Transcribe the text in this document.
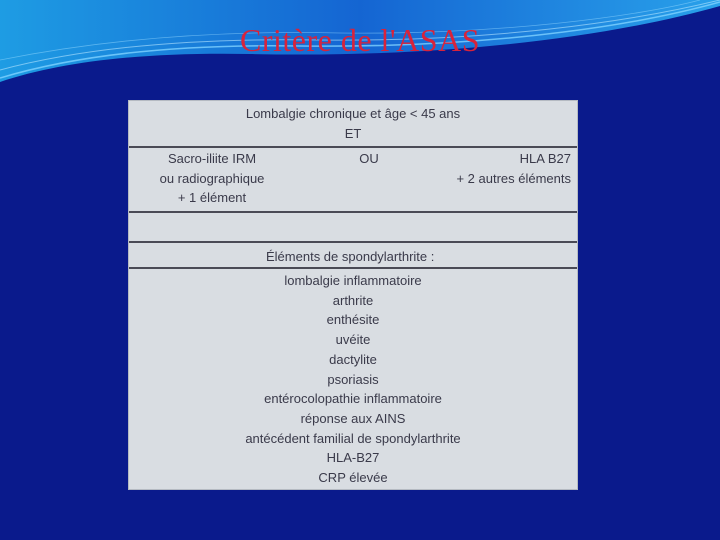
Critère de l'ASAS
Lombalgie chronique et âge < 45 ans
ET
Sacro-iliite IRM
ou radiographique
+ 1 élément
OU	HLA B27
+ 2 autres éléments
Éléments de spondylarthrite :
lombalgie inflammatoire
arthrite
enthésite
uvéite
dactylite
psoriasis
entérocolopathie inflammatoire
réponse aux AINS
antécédent familial de spondylarthrite
HLA-B27
CRP élevée
